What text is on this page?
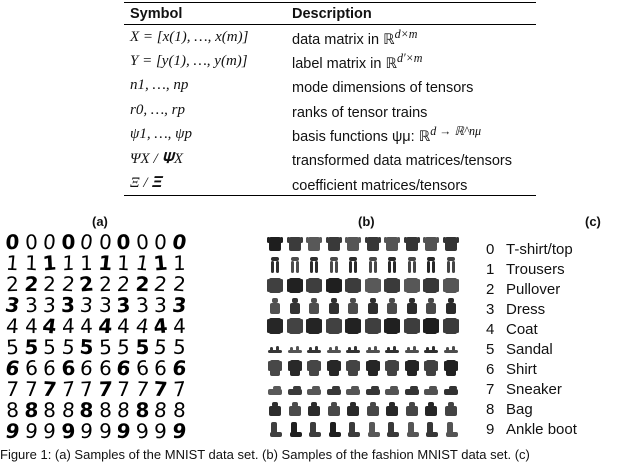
Symbol	Description
X = [x(1), …, x(m)]	data matrix in ℝ$^{d\times m}$
Y = [y(1), …, y(m)]	label matrix in ℝ$^{d'\times m}$
n1, …, np	mode dimensions of tensors
r0, …, rp	ranks of tensor trains
ψ1, …, ψp	basis functions ψμ: ℝ$^{d \to ℝ\^{}n\mu}$
ΨX / 𝚿X	transformed data matrices/tensors
Ξ / 𝚵	coefficient matrices/tensors
(a)	(b)	(c)
0 0 0 0 0 0 0 0 0 0
1 1 1 1 1 1 1 1 1 1
2 2 2 2 2 2 2 2 2 2
3 3 3 3 3 3 3 3 3 3
4 4 4 4 4 4 4 4 4 4
5 5 5 5 5 5 5 5 5 5
6 6 6 6 6 6 6 6 6 6
7 7 7 7 7 7 7 7 7 7
8 8 8 8 8 8 8 8 8 8
9 9 9 9 9 9 9 9 9 9
0 T-shirt/top
1 Trousers
2 Pullover
3 Dress
4 Coat
5 Sandal
6 Shirt
7 Sneaker
8 Bag
9 Ankle boot
Figure 1: (a) Samples of the MNIST data set. (b) Samples of the fashion MNIST data set. (c)
